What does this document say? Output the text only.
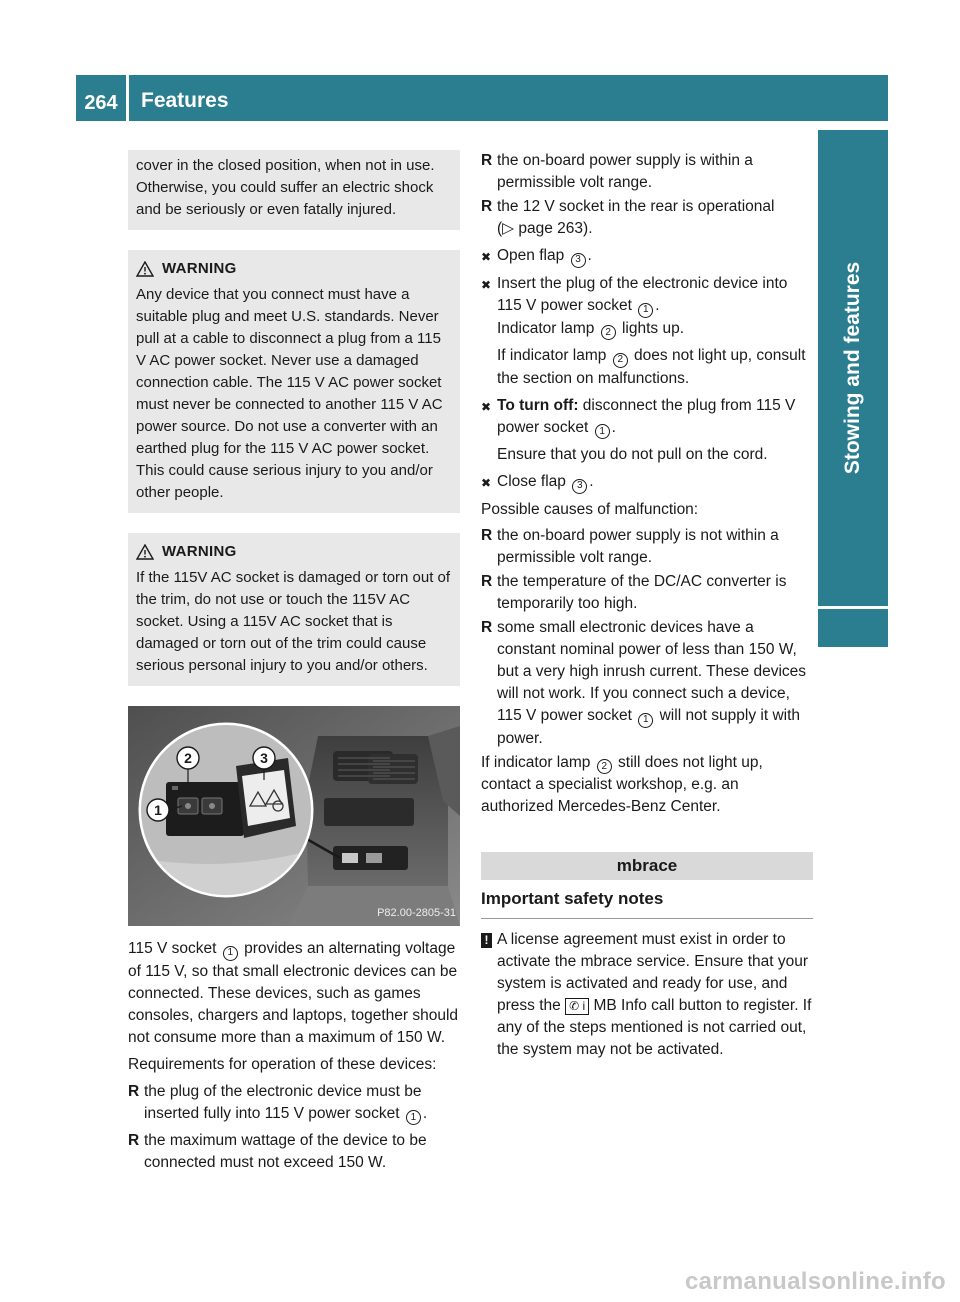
264	Features
Stowing and features

cover in the closed position, when not in use. Otherwise, you could suffer an electric shock and be seriously or even fatally injured.

WARNING

Any device that you connect must have a suitable plug and meet U.S. standards. Never pull at a cable to disconnect a plug from a 115 V AC power socket. Never use a damaged connection cable. The 115 V AC power socket must never be connected to another 115 V AC power source. Do not use a converter with an earthed plug for the 115 V AC power socket. This could cause serious injury to you and/or other people.

WARNING

If the 115V AC socket is damaged or torn out of the trim, do not use or touch the 115V AC socket. Using a 115V AC socket that is damaged or torn out of the trim could cause serious personal injury to you and/or others.

2	3
1
P82.00-2805-31

115 V socket 1 provides an alternating voltage of 115 V, so that small electronic devices can be connected. These devices, such as games consoles, chargers and laptops, together should not consume more than a maximum of 150 W.

Requirements for operation of these devices:

R the plug of the electronic device must be inserted fully into 115 V power socket 1 .
R the maximum wattage of the device to be connected must not exceed 150 W.
R the on-board power supply is within a permissible volt range.
R the 12 V socket in the rear is operational
(▷ page 263).
✖ Open flap 3 .
✖ Insert the plug of the electronic device into 115 V power socket 1 .
Indicator lamp 2 lights up.
If indicator lamp 2 does not light up, consult the section on malfunctions.
✖ To turn off: disconnect the plug from 115 V power socket 1 .
Ensure that you do not pull on the cord.
✖ Close flap 3 .

Possible causes of malfunction:

R the on-board power supply is not within a permissible volt range.
R the temperature of the DC/AC converter is temporarily too high.
R some small electronic devices have a constant nominal power of less than 150 W, but a very high inrush current. These devices will not work. If you connect such a device, 115 V power socket 1 will not supply it with power.

If indicator lamp 2 still does not light up, contact a specialist workshop, e.g. an authorized Mercedes-Benz Center.

mbrace
Important safety notes
! A license agreement must exist in order to activate the mbrace service. Ensure that your system is activated and ready for use, and press the ✆ i MB Info call button to register. If any of the steps mentioned is not carried out, the system may not be activated.
carmanualsonline.info
